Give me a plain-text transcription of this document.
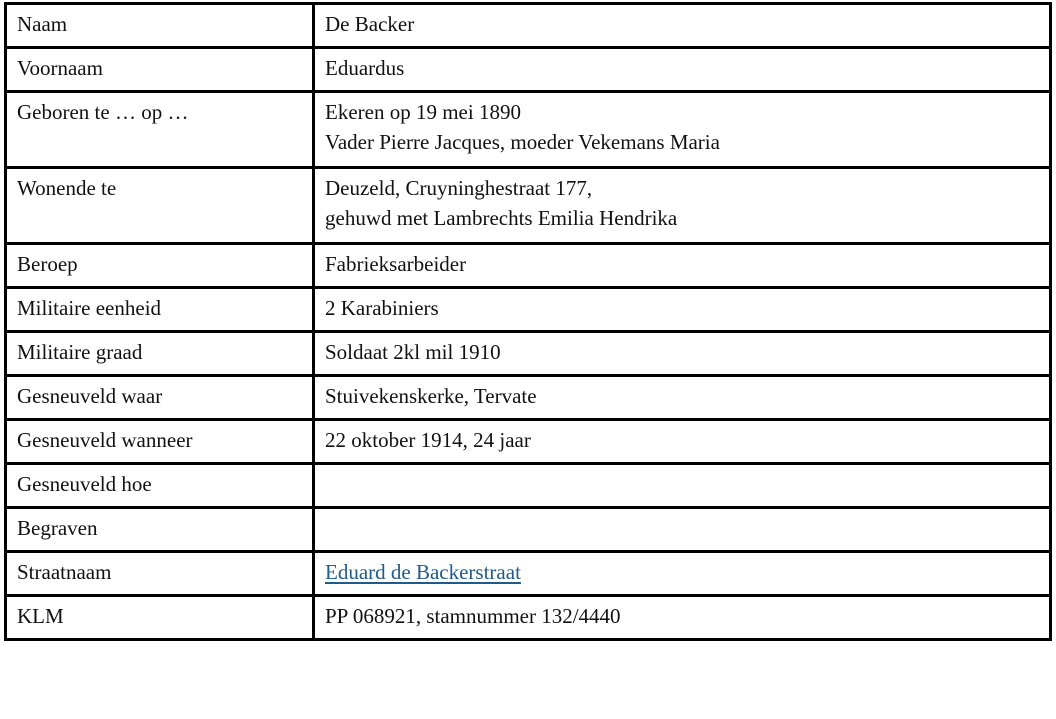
Naam	De Backer

Voornaam	Eduardus

Geboren te … op …	Ekeren op 19 mei 1890
Vader Pierre Jacques, moeder Vekemans Maria

Wonende te	Deuzeld, Cruyninghestraat 177,
gehuwd met Lambrechts Emilia Hendrika

Beroep	Fabrieksarbeider

Militaire eenheid	2 Karabiniers

Militaire graad	Soldaat 2kl mil 1910

Gesneuveld waar	Stuivekenskerke, Tervate

Gesneuveld wanneer	22 oktober 1914, 24 jaar

Gesneuveld hoe	

Begraven	

Straatnaam	Eduard de Backerstraat

KLM	PP 068921, stamnummer 132/4440
